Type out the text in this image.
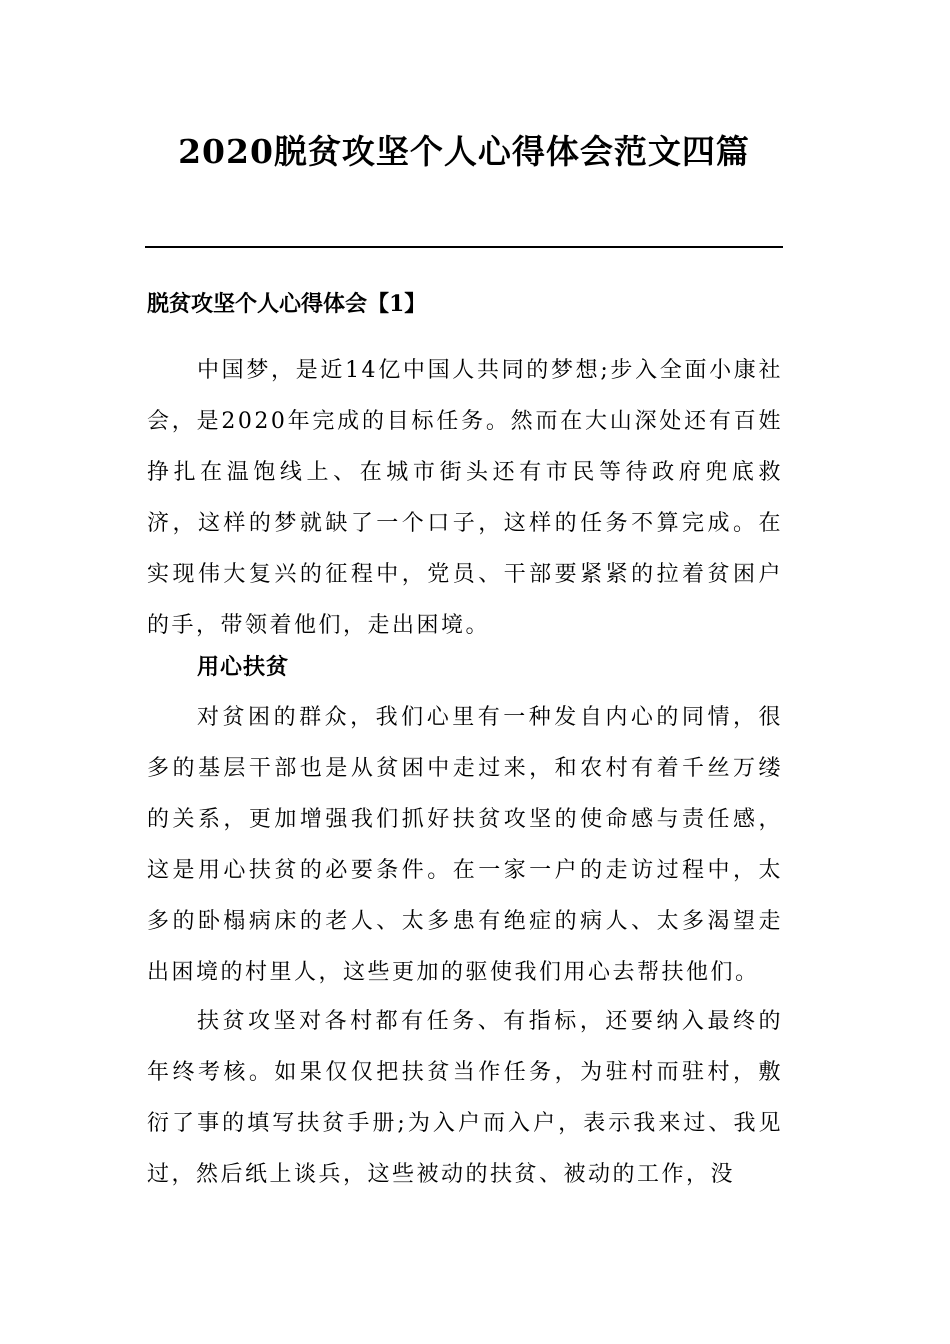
2020脱贫攻坚个人心得体会范文四篇
脱贫攻坚个人心得体会【1】

中国梦，是近14亿中国人共同的梦想;步入全面小康社会，是2020年完成的目标任务。然而在大山深处还有百姓挣扎在温饱线上、在城市街头还有市民等待政府兜底救济，这样的梦就缺了一个口子，这样的任务不算完成。在实现伟大复兴的征程中，党员、干部要紧紧的拉着贫困户的手，带领着他们，走出困境。

用心扶贫

对贫困的群众，我们心里有一种发自内心的同情，很多的基层干部也是从贫困中走过来，和农村有着千丝万缕的关系，更加增强我们抓好扶贫攻坚的使命感与责任感，这是用心扶贫的必要条件。在一家一户的走访过程中，太多的卧榻病床的老人、太多患有绝症的病人、太多渴望走出困境的村里人，这些更加的驱使我们用心去帮扶他们。

扶贫攻坚对各村都有任务、有指标，还要纳入最终的年终考核。如果仅仅把扶贫当作任务，为驻村而驻村，敷衍了事的填写扶贫手册;为入户而入户，表示我来过、我见过，然后纸上谈兵，这些被动的扶贫、被动的工作，没
